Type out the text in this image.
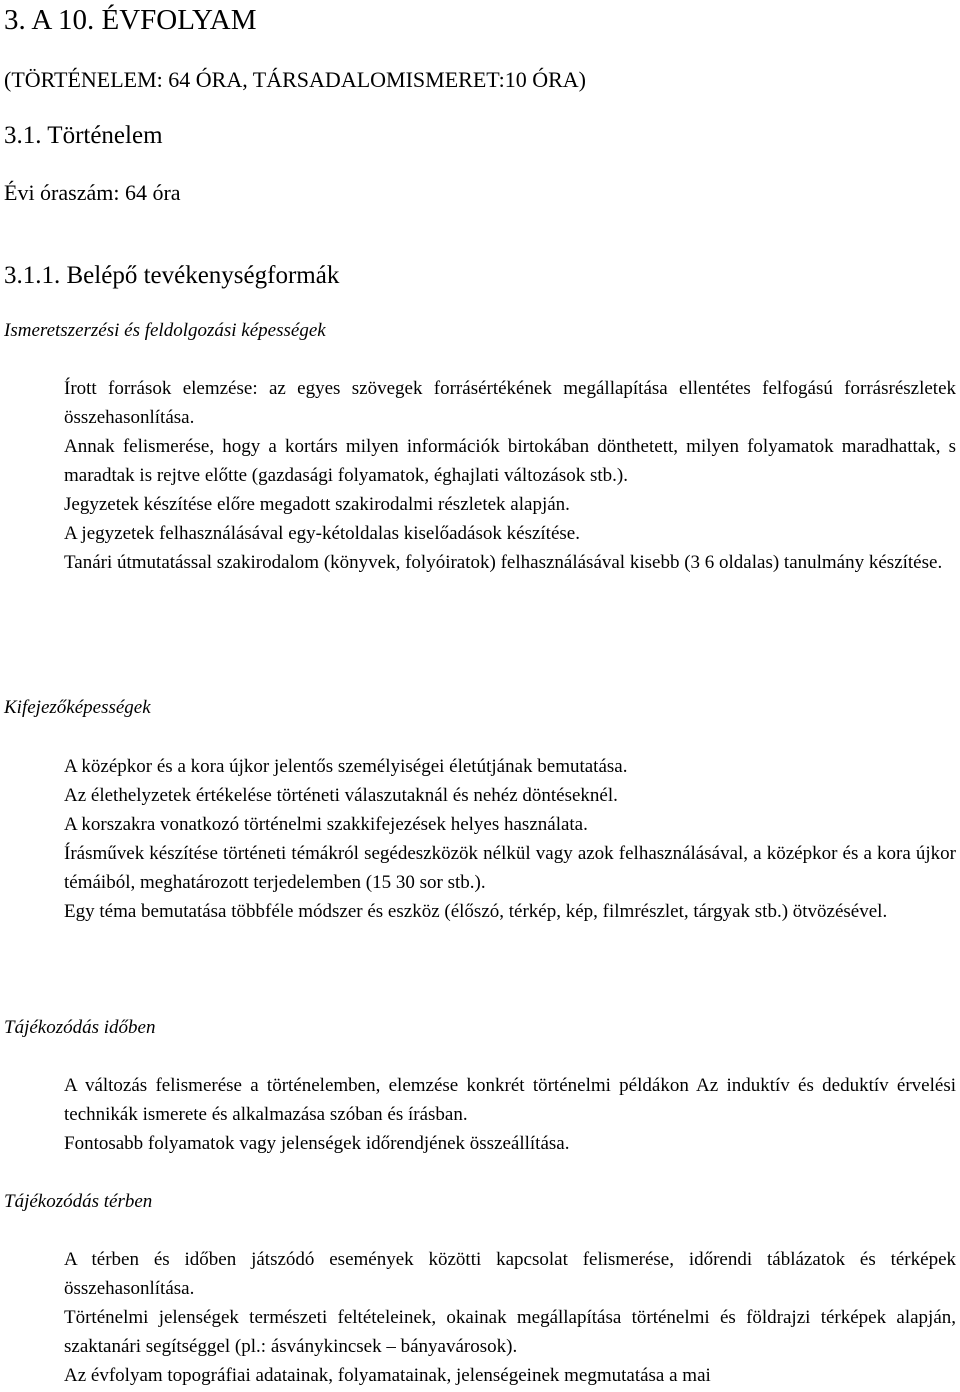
3. A 10. ÉVFOLYAM
(TÖRTÉNELEM: 64 ÓRA, TÁRSADALOMISMERET:10 ÓRA)
3.1. Történelem
Évi óraszám: 64 óra
3.1.1. Belépő tevékenységformák
Ismeretszerzési és feldolgozási képességek

Írott források elemzése: az egyes szövegek forrásértékének megállapítása ellentétes felfogású forrásrészletek összehasonlítása.

Annak felismerése, hogy a kortárs milyen információk birtokában dönthetett, milyen folyamatok maradhattak, s maradtak is rejtve előtte (gazdasági folyamatok, éghajlati változások stb.).

Jegyzetek készítése előre megadott szakirodalmi részletek alapján.

A jegyzetek felhasználásával egy-kétoldalas kiselőadások készítése.

Tanári útmutatással szakirodalom (könyvek, folyóiratok) felhasználásával kisebb (3 6 oldalas) tanulmány készítése.

Kifejezőképességek

A középkor és a kora újkor jelentős személyiségei életútjának bemutatása.

Az élethelyzetek értékelése történeti válaszutaknál és nehéz döntéseknél.

A korszakra vonatkozó történelmi szakkifejezések helyes használata.

Írásművek készítése történeti témákról segédeszközök nélkül vagy azok felhasználásával, a középkor és a kora újkor témáiból, meghatározott terjedelemben (15 30 sor stb.).

Egy téma bemutatása többféle módszer és eszköz (élőszó, térkép, kép, filmrészlet, tárgyak stb.) ötvözésével.

Tájékozódás időben

A változás felismerése a történelemben, elemzése konkrét történelmi példákon Az induktív és deduktív érvelési technikák ismerete és alkalmazása szóban és írásban.

Fontosabb folyamatok vagy jelenségek időrendjének összeállítása.

Tájékozódás térben

A térben és időben játszódó események közötti kapcsolat felismerése, időrendi táblázatok és térképek összehasonlítása.

Történelmi jelenségek természeti feltételeinek, okainak megállapítása történelmi és földrajzi térképek alapján, szaktanári segítséggel (pl.: ásványkincsek – bányavárosok).

Az évfolyam topográfiai adatainak, folyamatainak, jelenségeinek megmutatása a mai
